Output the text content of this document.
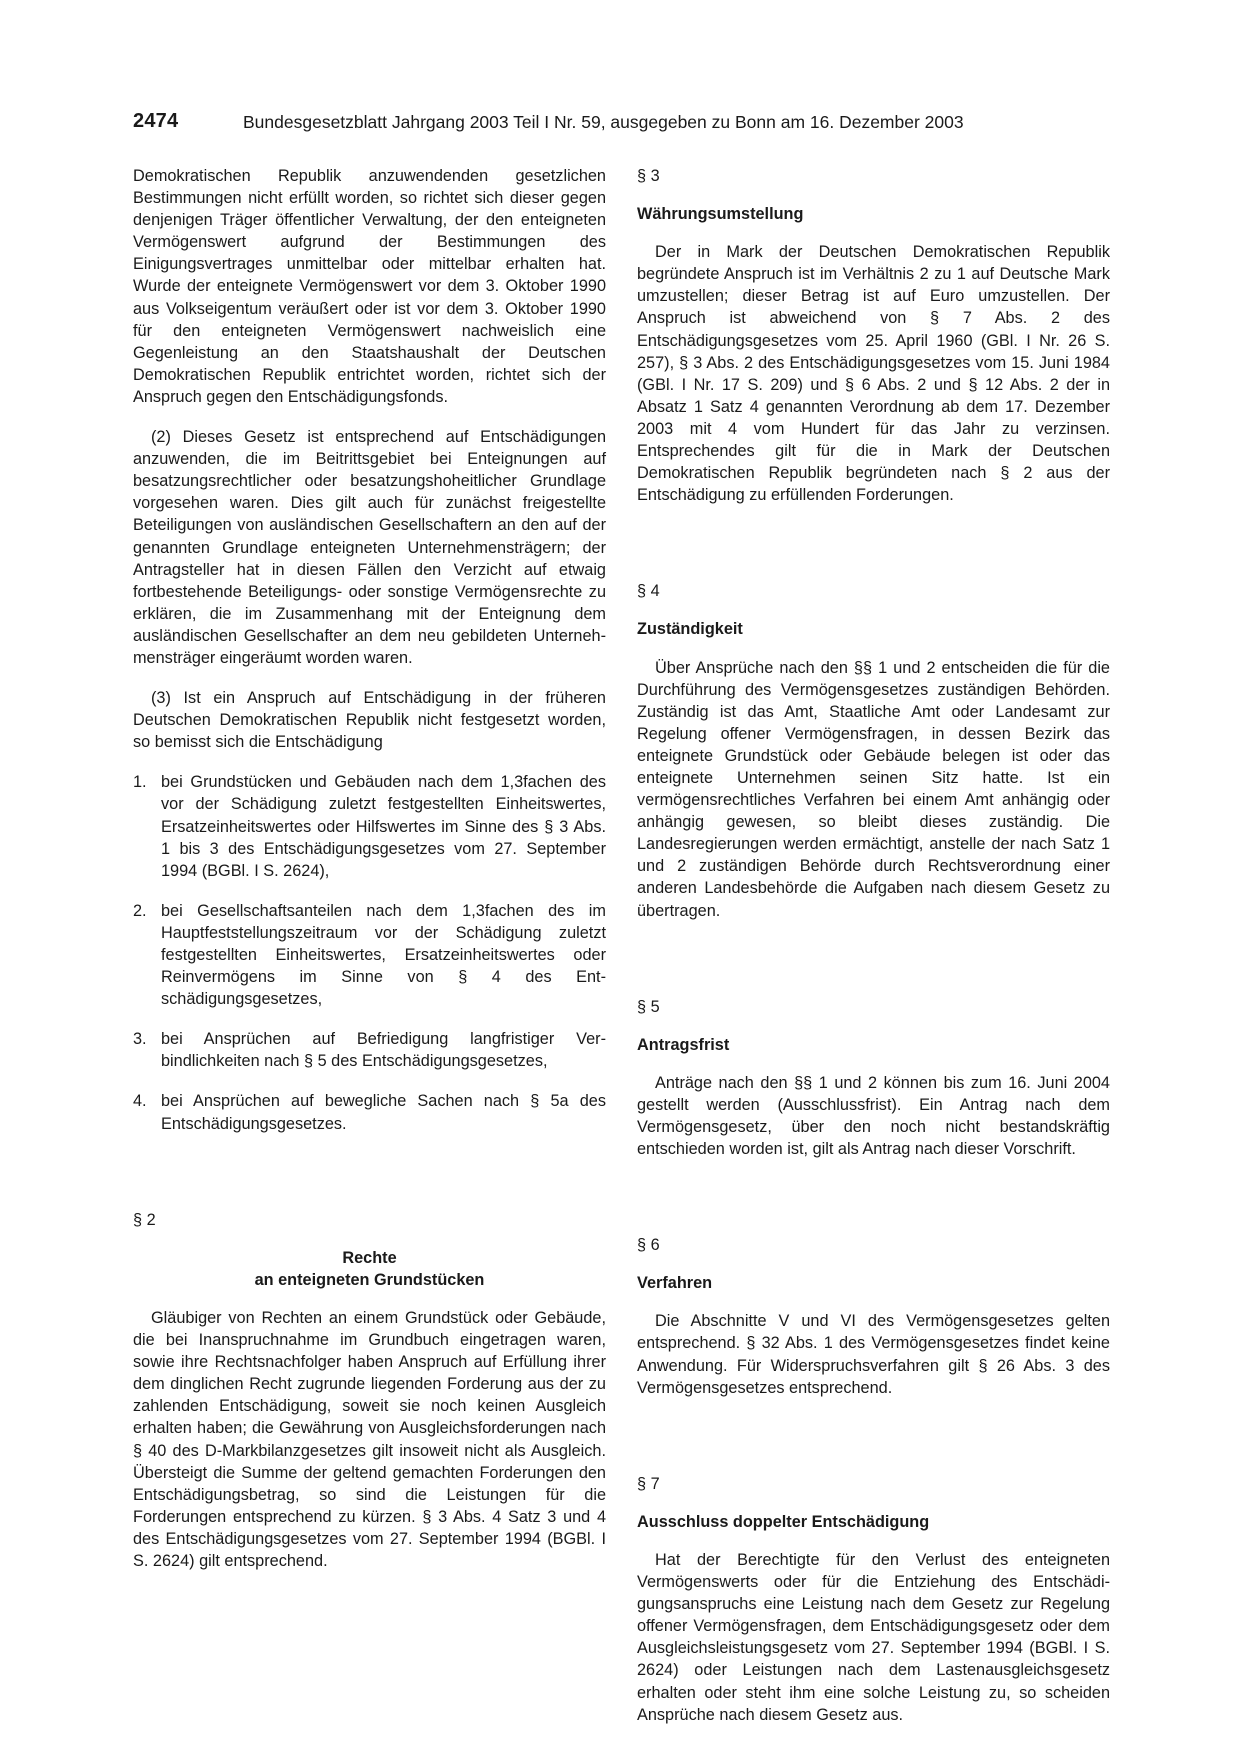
2474	Bundesgesetzblatt Jahrgang 2003 Teil I Nr. 59, ausgegeben zu Bonn am 16. Dezember 2003

Demokratischen Republik anzuwendenden gesetzlichen Bestimmungen nicht erfüllt worden, so richtet sich dieser gegen denjenigen Träger öffentlicher Verwaltung, der den enteigneten Vermögenswert aufgrund der Bestimmungen des Einigungsvertrages unmittelbar oder mittelbar erhalten hat. Wurde der enteignete Vermögenswert vor dem 3. Oktober 1990 aus Volkseigentum veräußert oder ist vor dem 3. Oktober 1990 für den enteigneten Vermögenswert nachweislich eine Gegenleistung an den Staatshaushalt der Deutschen Demokratischen Republik entrichtet worden, richtet sich der Anspruch gegen den Entschädigungsfonds.

(2) Dieses Gesetz ist entsprechend auf Entschädigungen anzuwenden, die im Beitrittsgebiet bei Enteignungen auf besatzungsrechtlicher oder besatzungshoheitlicher Grundlage vorgesehen waren. Dies gilt auch für zunächst freigestellte Beteiligungen von ausländischen Gesellschaftern an den auf der genannten Grundlage enteigneten Unternehmensträgern; der Antragsteller hat in diesen Fällen den Verzicht auf etwaig fortbestehende Beteiligungs- oder sonstige Vermögensrechte zu erklären, die im Zusammenhang mit der Enteignung dem ausländischen Gesellschafter an dem neu gebildeten Unternehmensträger eingeräumt worden waren.

(3) Ist ein Anspruch auf Entschädigung in der früheren Deutschen Demokratischen Republik nicht festgesetzt worden, so bemisst sich die Entschädigung

1. bei Grundstücken und Gebäuden nach dem 1,3fachen des vor der Schädigung zuletzt festgestellten Einheitswertes, Ersatzeinheitswertes oder Hilfswertes im Sinne des § 3 Abs. 1 bis 3 des Entschädigungsgesetzes vom 27. September 1994 (BGBl. I S. 2624),
2. bei Gesellschaftsanteilen nach dem 1,3fachen des im Hauptfeststellungszeitraum vor der Schädigung zuletzt festgestellten Einheitswertes, Ersatzeinheitswertes oder Reinvermögens im Sinne von § 4 des Entschädigungsgesetzes,
3. bei Ansprüchen auf Befriedigung langfristiger Verbindlichkeiten nach § 5 des Entschädigungsgesetzes,
4. bei Ansprüchen auf bewegliche Sachen nach § 5a des Entschädigungsgesetzes.

§ 2

Rechte
an enteigneten Grundstücken

Gläubiger von Rechten an einem Grundstück oder Gebäude, die bei Inanspruchnahme im Grundbuch eingetragen waren, sowie ihre Rechtsnachfolger haben Anspruch auf Erfüllung ihrer dem dinglichen Recht zugrunde liegenden Forderung aus der zu zahlenden Entschädigung, soweit sie noch keinen Ausgleich erhalten haben; die Gewährung von Ausgleichsforderungen nach § 40 des D-Markbilanzgesetzes gilt insoweit nicht als Ausgleich. Übersteigt die Summe der geltend gemachten Forderungen den Entschädigungsbetrag, so sind die Leistungen für die Forderungen entsprechend zu kürzen. § 3 Abs. 4 Satz 3 und 4 des Entschädigungsgesetzes vom 27. September 1994 (BGBl. I S. 2624) gilt entsprechend.

§ 3

Währungsumstellung

Der in Mark der Deutschen Demokratischen Republik begründete Anspruch ist im Verhältnis 2 zu 1 auf Deutsche Mark umzustellen; dieser Betrag ist auf Euro umzustellen. Der Anspruch ist abweichend von § 7 Abs. 2 des Entschädigungsgesetzes vom 25. April 1960 (GBl. I Nr. 26 S. 257), § 3 Abs. 2 des Entschädigungsgesetzes vom 15. Juni 1984 (GBl. I Nr. 17 S. 209) und § 6 Abs. 2 und § 12 Abs. 2 der in Absatz 1 Satz 4 genannten Verordnung ab dem 17. Dezember 2003 mit 4 vom Hundert für das Jahr zu verzinsen. Entsprechendes gilt für die in Mark der Deutschen Demokratischen Republik begründeten nach § 2 aus der Entschädigung zu erfüllenden Forderungen.

§ 4

Zuständigkeit

Über Ansprüche nach den §§ 1 und 2 entscheiden die für die Durchführung des Vermögensgesetzes zuständigen Behörden. Zuständig ist das Amt, Staatliche Amt oder Landesamt zur Regelung offener Vermögensfragen, in dessen Bezirk das enteignete Grundstück oder Gebäude belegen ist oder das enteignete Unternehmen seinen Sitz hatte. Ist ein vermögensrechtliches Verfahren bei einem Amt anhängig oder anhängig gewesen, so bleibt dieses zuständig. Die Landesregierungen werden ermächtigt, anstelle der nach Satz 1 und 2 zuständigen Behörde durch Rechtsverordnung einer anderen Landesbehörde die Aufgaben nach diesem Gesetz zu übertragen.

§ 5

Antragsfrist

Anträge nach den §§ 1 und 2 können bis zum 16. Juni 2004 gestellt werden (Ausschlussfrist). Ein Antrag nach dem Vermögensgesetz, über den noch nicht bestandskräftig entschieden worden ist, gilt als Antrag nach dieser Vorschrift.

§ 6

Verfahren

Die Abschnitte V und VI des Vermögensgesetzes gelten entsprechend. § 32 Abs. 1 des Vermögensgesetzes findet keine Anwendung. Für Widerspruchsverfahren gilt § 26 Abs. 3 des Vermögensgesetzes entsprechend.

§ 7

Ausschluss doppelter Entschädigung

Hat der Berechtigte für den Verlust des enteigneten Vermögenswerts oder für die Entziehung des Entschädigungsanspruchs eine Leistung nach dem Gesetz zur Regelung offener Vermögensfragen, dem Entschädigungsgesetz oder dem Ausgleichsleistungsgesetz vom 27. September 1994 (BGBl. I S. 2624) oder Leistungen nach dem Lastenausgleichsgesetz erhalten oder steht ihm eine solche Leistung zu, so scheiden Ansprüche nach diesem Gesetz aus.
